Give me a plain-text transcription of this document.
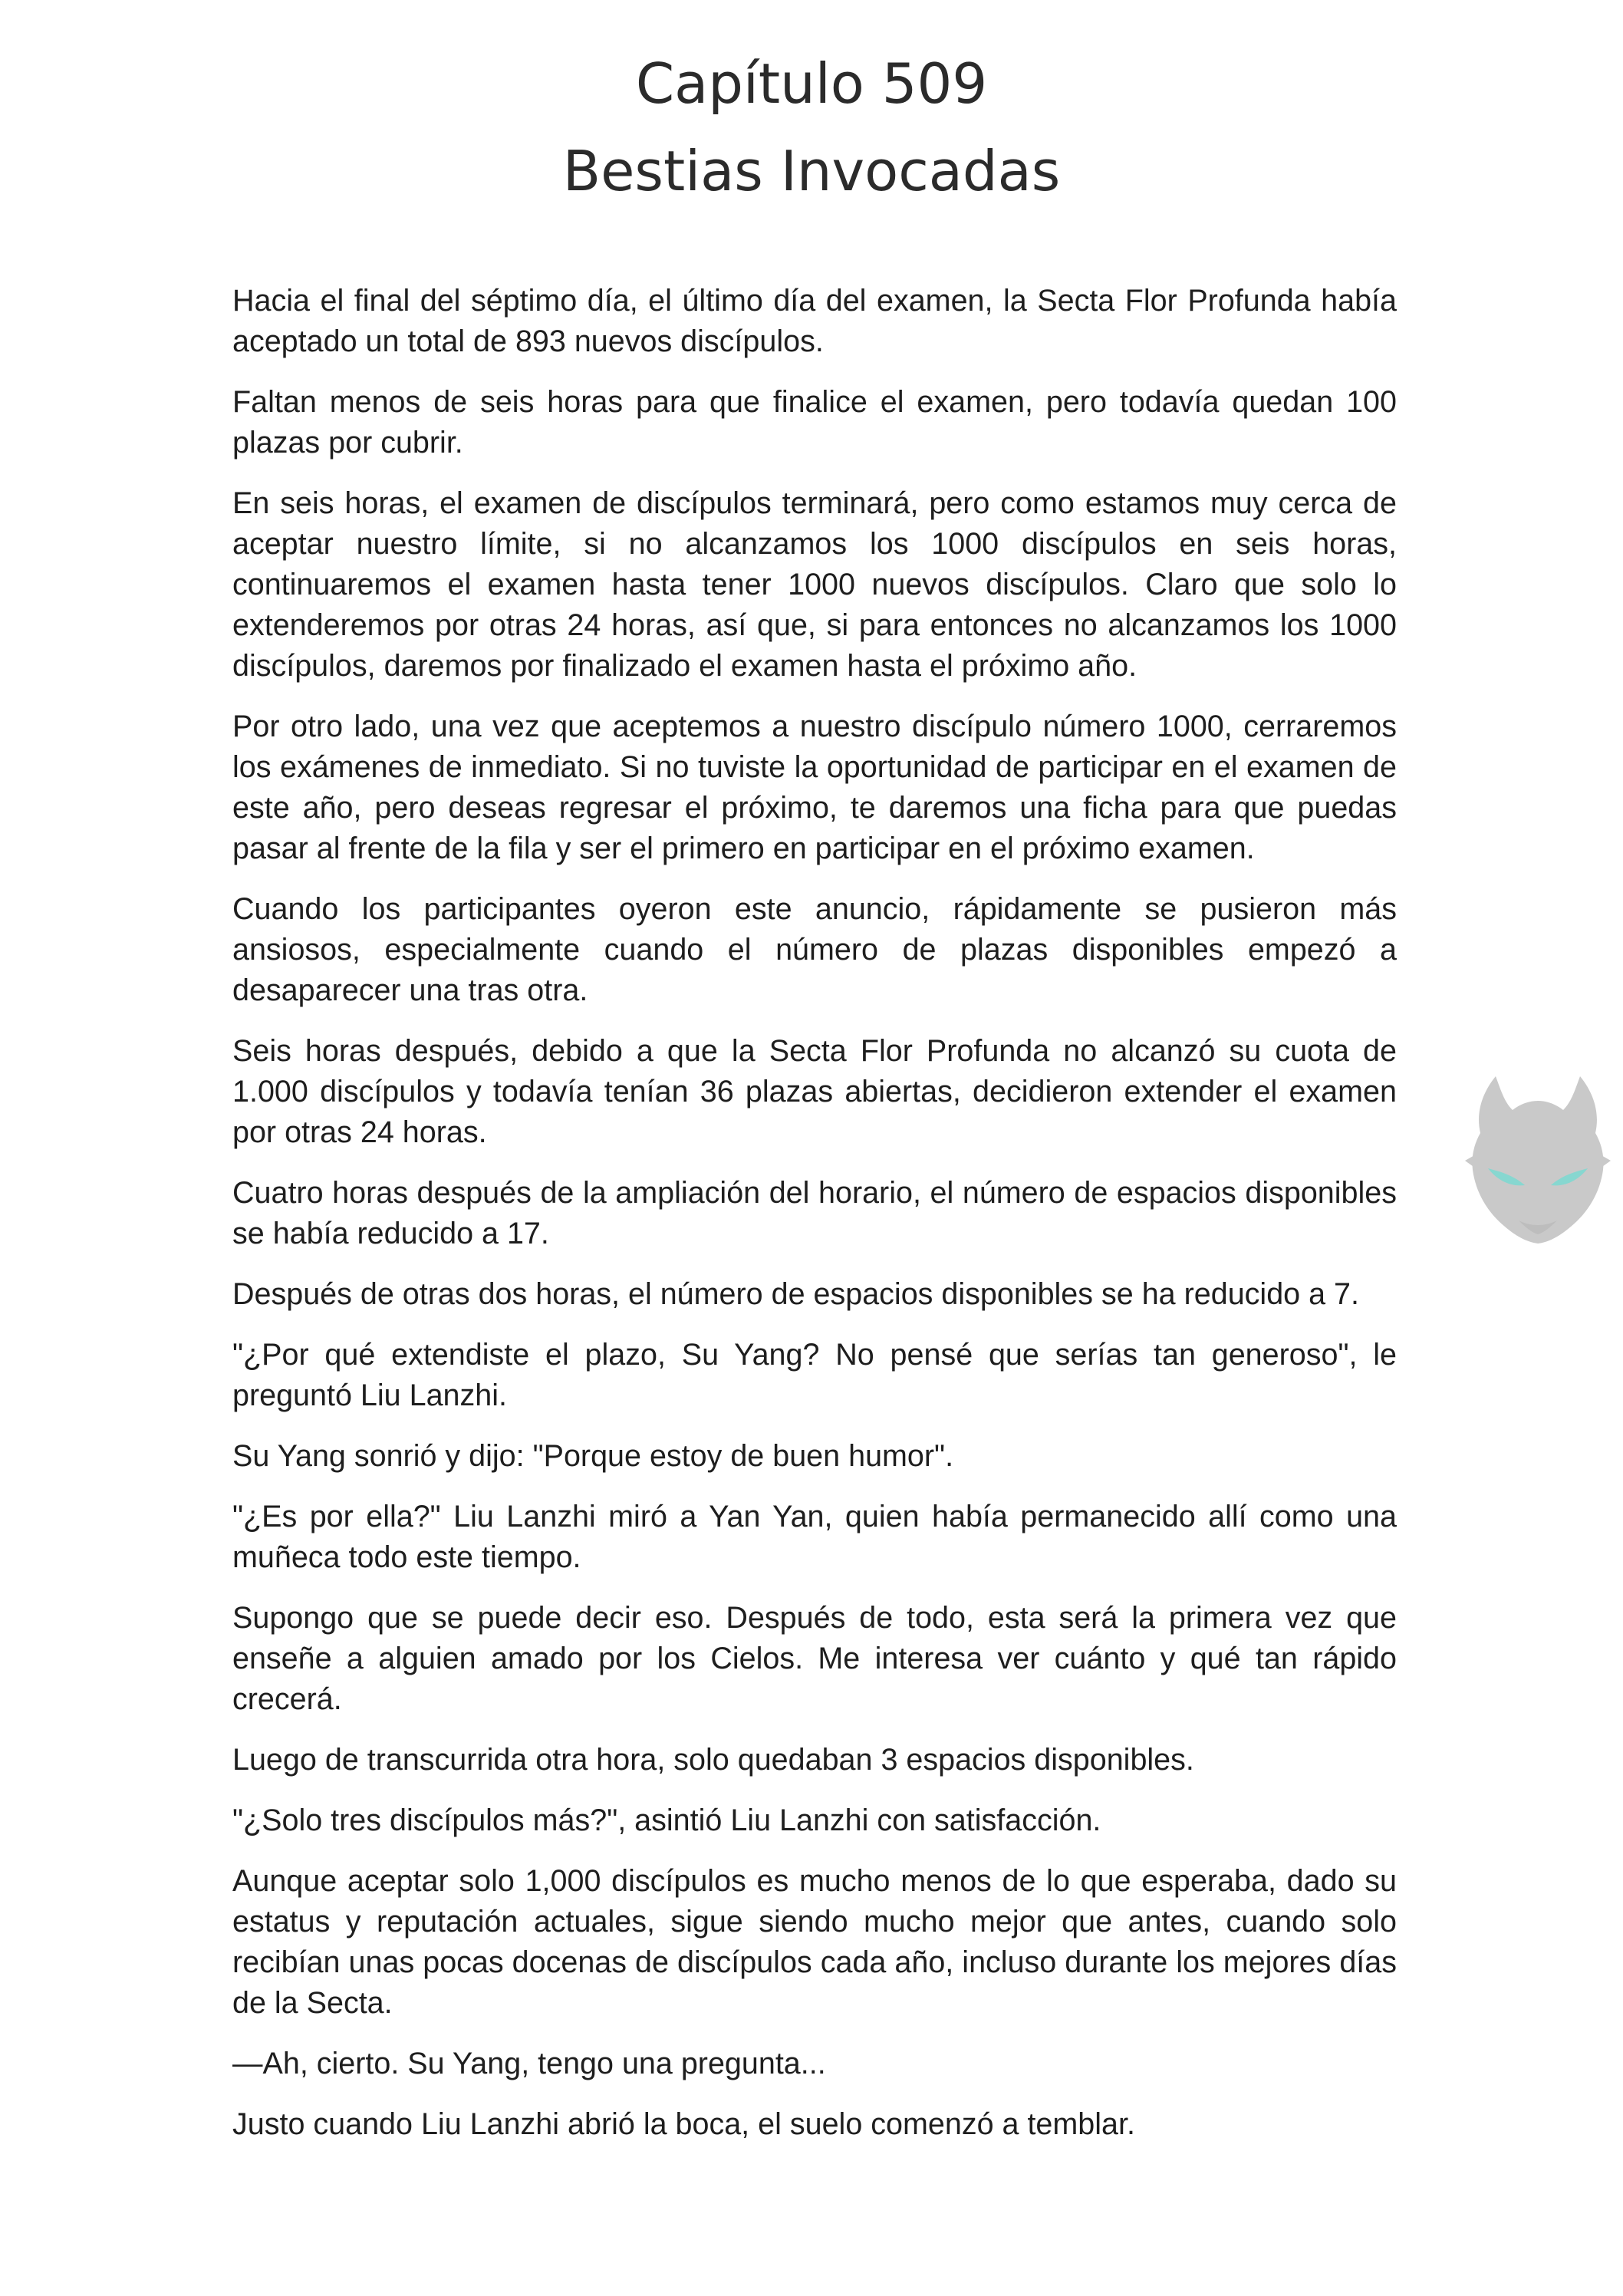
Capítulo 509
Bestias Invocadas

Hacia el final del séptimo día, el último día del examen, la Secta Flor Profunda había aceptado un total de 893 nuevos discípulos.

Faltan menos de seis horas para que finalice el examen, pero todavía quedan 100 plazas por cubrir.

En seis horas, el examen de discípulos terminará, pero como estamos muy cerca de aceptar nuestro límite, si no alcanzamos los 1000 discípulos en seis horas, continuaremos el examen hasta tener 1000 nuevos discípulos. Claro que solo lo extenderemos por otras 24 horas, así que, si para entonces no alcanzamos los 1000 discípulos, daremos por finalizado el examen hasta el próximo año.

Por otro lado, una vez que aceptemos a nuestro discípulo número 1000, cerraremos los exámenes de inmediato. Si no tuviste la oportunidad de participar en el examen de este año, pero deseas regresar el próximo, te daremos una ficha para que puedas pasar al frente de la fila y ser el primero en participar en el próximo examen.

Cuando los participantes oyeron este anuncio, rápidamente se pusieron más ansiosos, especialmente cuando el número de plazas disponibles empezó a desaparecer una tras otra.

Seis horas después, debido a que la Secta Flor Profunda no alcanzó su cuota de 1.000 discípulos y todavía tenían 36 plazas abiertas, decidieron extender el examen por otras 24 horas.

Cuatro horas después de la ampliación del horario, el número de espacios disponibles se había reducido a 17.

Después de otras dos horas, el número de espacios disponibles se ha reducido a 7.

"¿Por qué extendiste el plazo, Su Yang? No pensé que serías tan generoso", le preguntó Liu Lanzhi.

Su Yang sonrió y dijo: "Porque estoy de buen humor".

"¿Es por ella?" Liu Lanzhi miró a Yan Yan, quien había permanecido allí como una muñeca todo este tiempo.

Supongo que se puede decir eso. Después de todo, esta será la primera vez que enseñe a alguien amado por los Cielos. Me interesa ver cuánto y qué tan rápido crecerá.

Luego de transcurrida otra hora, solo quedaban 3 espacios disponibles.

"¿Solo tres discípulos más?", asintió Liu Lanzhi con satisfacción.

Aunque aceptar solo 1,000 discípulos es mucho menos de lo que esperaba, dado su estatus y reputación actuales, sigue siendo mucho mejor que antes, cuando solo recibían unas pocas docenas de discípulos cada año, incluso durante los mejores días de la Secta.

—Ah, cierto. Su Yang, tengo una pregunta...

Justo cuando Liu Lanzhi abrió la boca, el suelo comenzó a temblar.
